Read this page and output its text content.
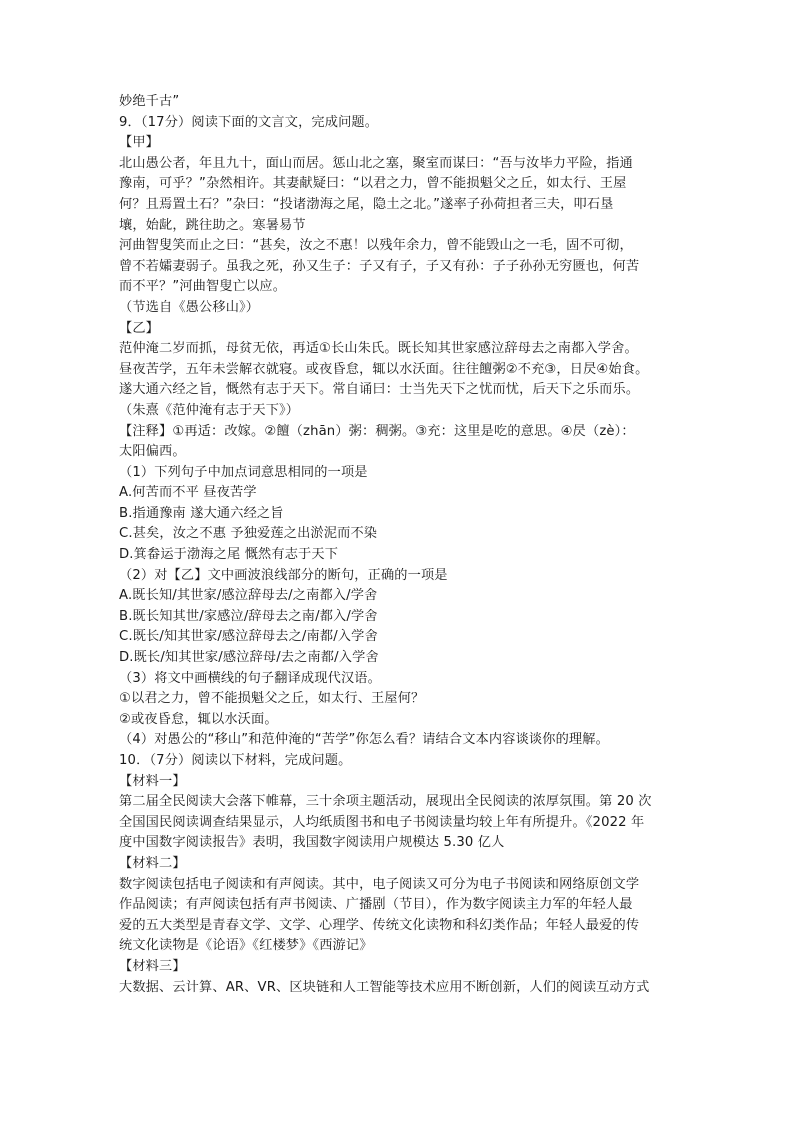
妙绝千古”
9．（17分）阅读下面的文言文，完成问题。
【甲】
北山愚公者，年且九十，面山而居。惩山北之塞，聚室而谋曰：“吾与汝毕力平险，指通
豫南，可乎？”杂然相许。其妻献疑曰：“以君之力，曾不能损魁父之丘，如太行、王屋
何？且焉置土石？”杂曰：“投诸渤海之尾，隐土之北。”遂率子孙荷担者三夫，叩石垦
壤，始龀，跳往助之。寒暑易节
河曲智叟笑而止之曰：“甚矣，汝之不惠！以残年余力，曾不能毁山之一毛，固不可彻，
曾不若孀妻弱子。虽我之死，孙又生子：子又有子，子又有孙：子子孙孙无穷匮也，何苦
而不平？”河曲智叟亡以应。
（节选自《愚公移山》）
【乙】
范仲淹二岁而抓，母贫无依，再适①长山朱氏。既长知其世家感泣辞母去之南都入学舍。
昼夜苦学，五年未尝解衣就寝。或夜昏怠，辄以水沃面。往往饘粥②不充③，日昃④始食。
遂大通六经之旨，慨然有志于天下。常自诵曰：士当先天下之忧而忧，后天下之乐而乐。
（朱熹《范仲淹有志于天下》）
【注释】①再适：改嫁。②饘（zhān）粥：稠粥。③充：这里是吃的意思。④昃（zè）：
太阳偏西。
（1）下列句子中加点词意思相同的一项是
A.何苦而不平 昼夜苦学
B.指通豫南 遂大通六经之旨
C.甚矣，汝之不惠 予独爱莲之出淤泥而不染
D.箕畚运于渤海之尾 慨然有志于天下
（2）对【乙】文中画波浪线部分的断句，正确的一项是
A.既长知/其世家/感泣辞母去/之南都入/学舍
B.既长知其世/家感泣/辞母去之南/都入/学舍
C.既长/知其世家/感泣辞母去之/南都/入学舍
D.既长/知其世家/感泣辞母/去之南都/入学舍
（3）将文中画横线的句子翻译成现代汉语。
①以君之力，曾不能损魁父之丘，如太行、王屋何？
②或夜昏怠，辄以水沃面。
（4）对愚公的“移山”和范仲淹的“苦学”你怎么看？请结合文本内容谈谈你的理解。
10．（7分）阅读以下材料，完成问题。
【材料一】
第二届全民阅读大会落下帷幕，三十余项主题活动，展现出全民阅读的浓厚氛围。第 20 次
全国国民阅读调查结果显示，人均纸质图书和电子书阅读量均较上年有所提升。《2022 年
度中国数字阅读报告》表明，我国数字阅读用户规模达 5.30 亿人
【材料二】
数字阅读包括电子阅读和有声阅读。其中，电子阅读又可分为电子书阅读和网络原创文学
作品阅读；有声阅读包括有声书阅读、广播剧（节目），作为数字阅读主力军的年轻人最
爱的五大类型是青春文学、文学、心理学、传统文化读物和科幻类作品；年轻人最爱的传
统文化读物是《论语》《红楼梦》《西游记》
【材料三】
大数据、云计算、AR、VR、区块链和人工智能等技术应用不断创新，人们的阅读互动方式
